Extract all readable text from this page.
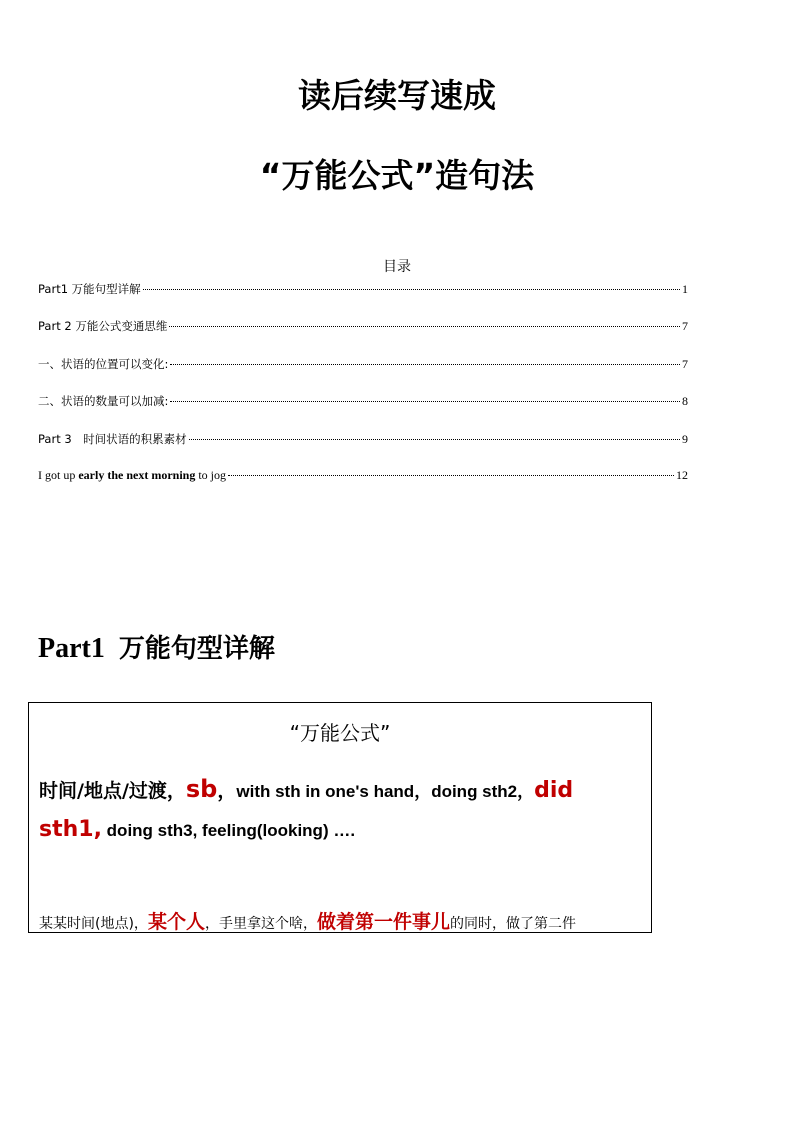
读后续写速成
“万能公式”造句法
目录
Part1 万能句型详解	1
Part 2 万能公式变通思维	7
一、状语的位置可以变化:	7
二、状语的数量可以加减:	8
Part 3　时间状语的积累素材	9
I got up early the next morning to jog	12
Part1 万能句型详解
“万能公式”
时间/地点/过渡，sb，with sth in one's hand，doing sth2，did
sth1, doing sth3, feeling(looking) ….
某某时间(地点)，某个人，手里拿这个啥，做着第一件事儿的同时，做了第二件
